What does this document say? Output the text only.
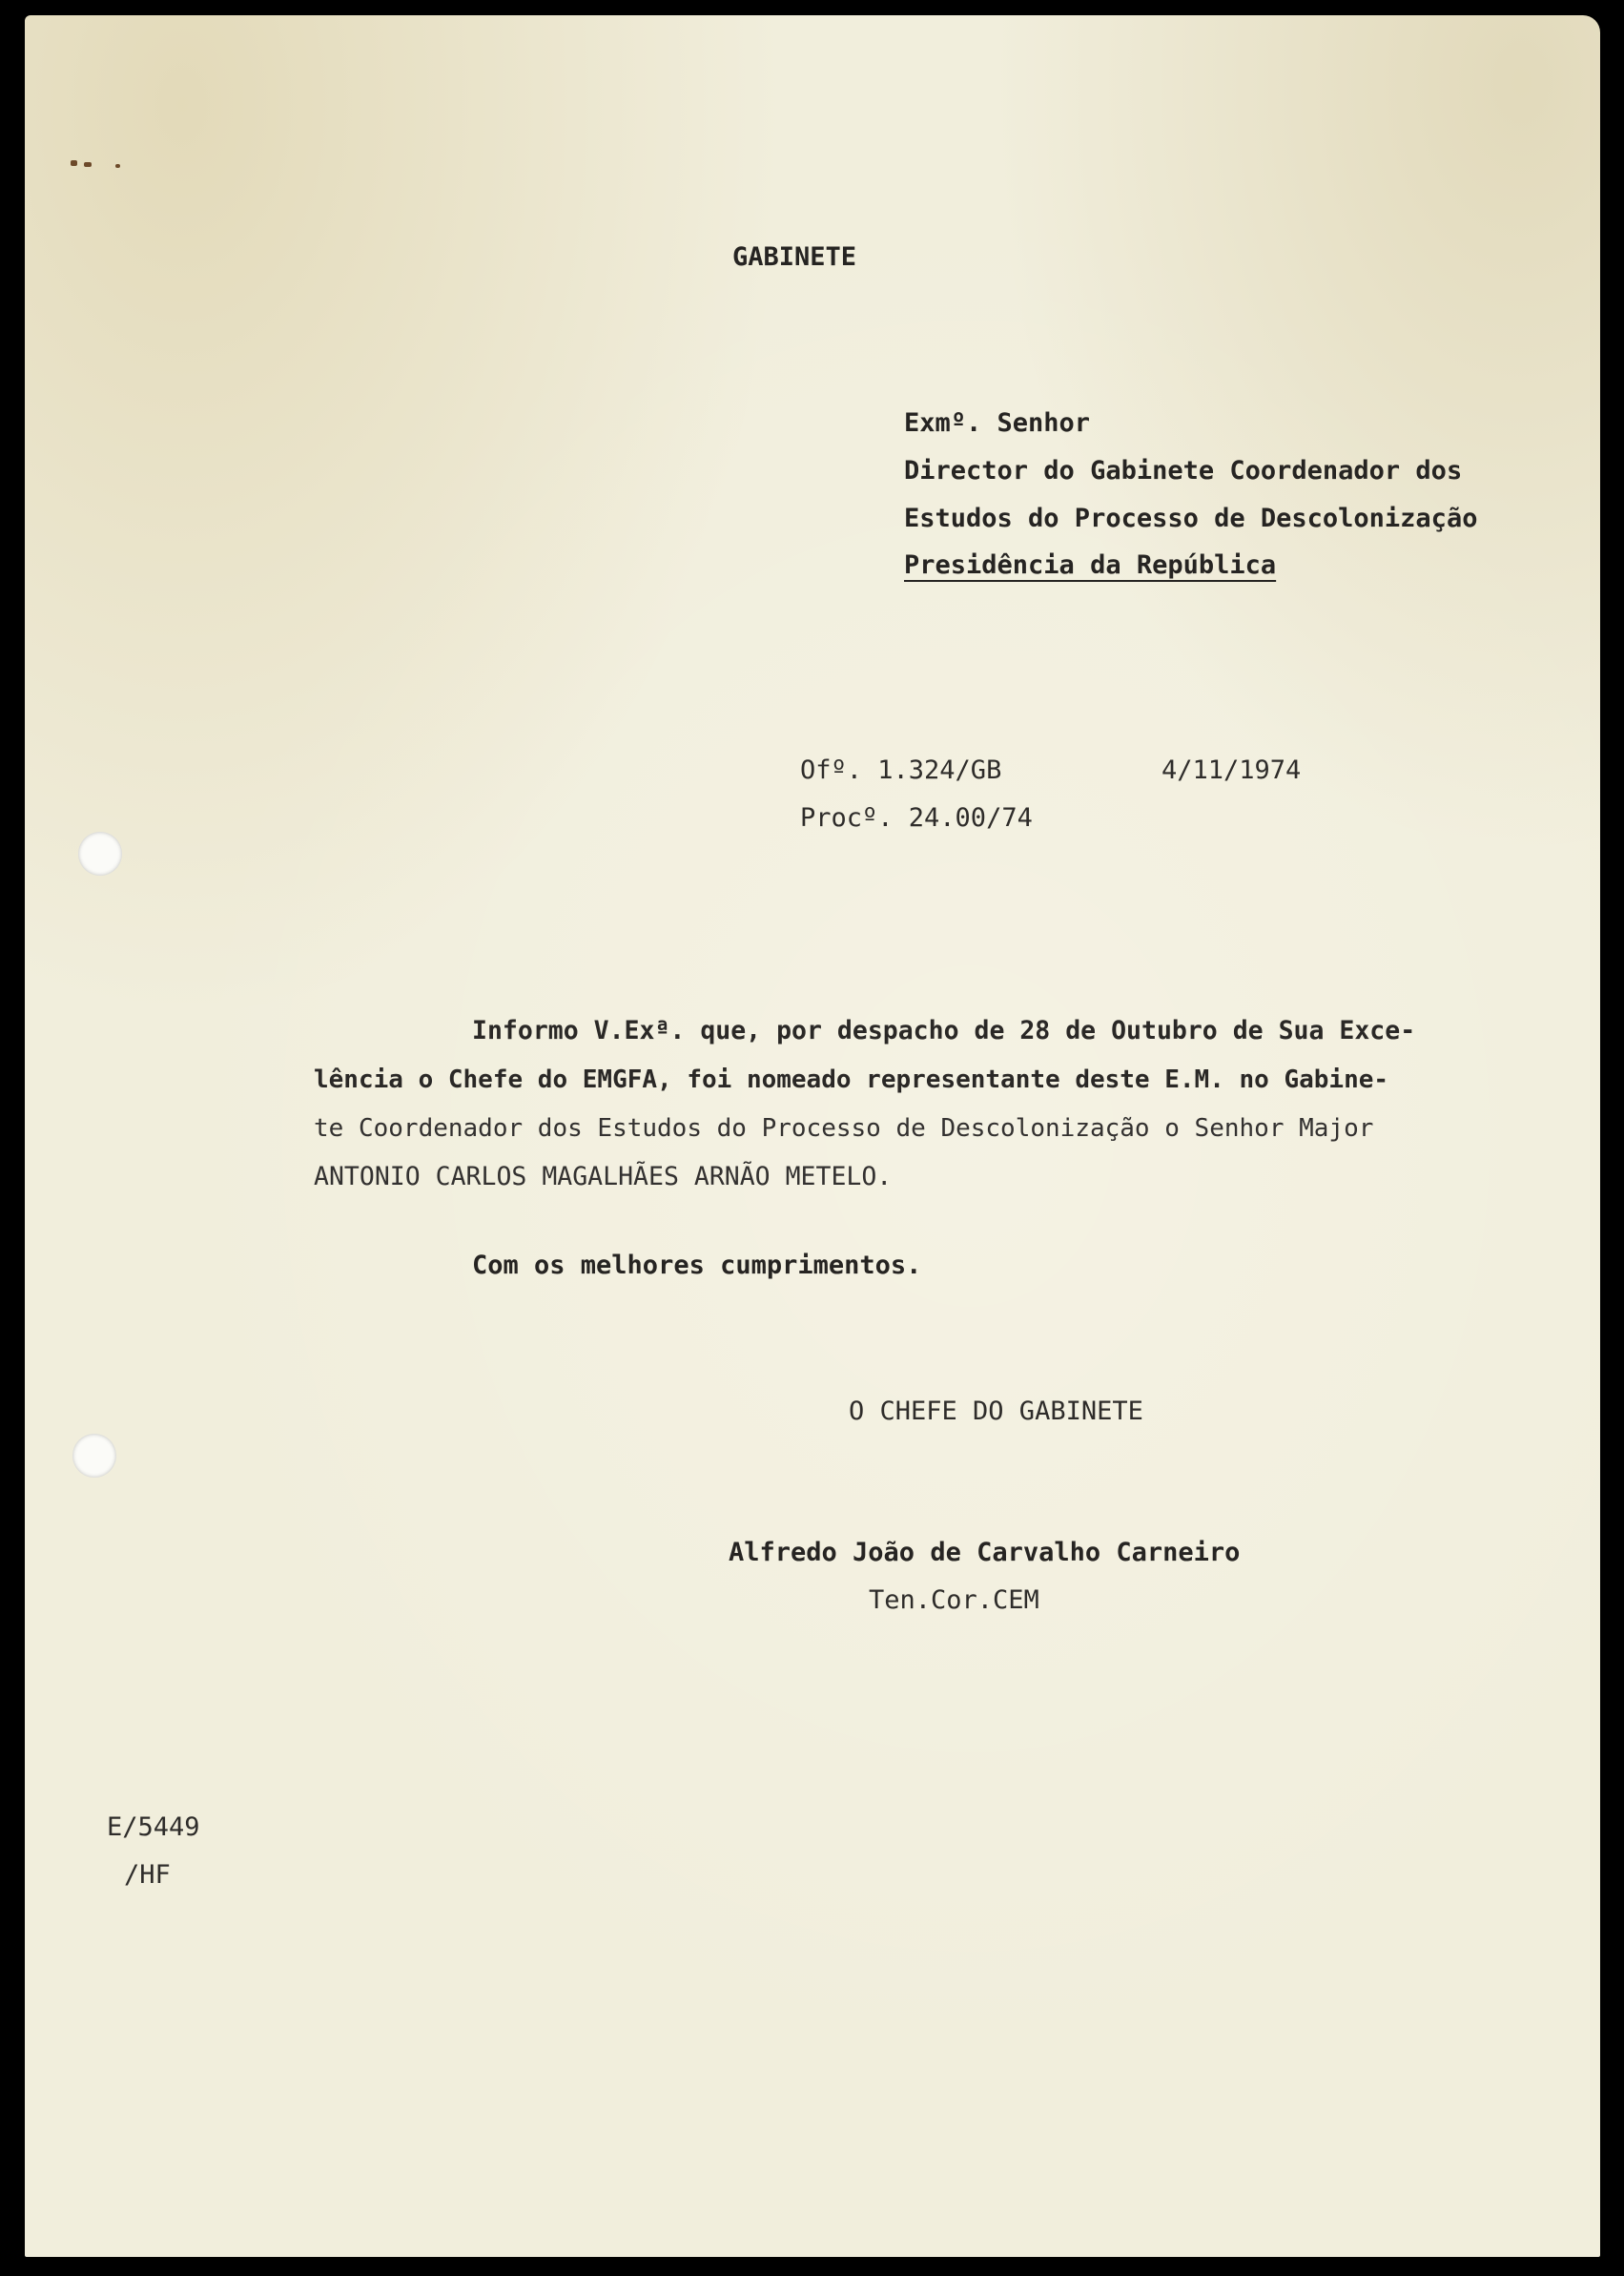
GABINETE
Exmº. Senhor
Director do Gabinete Coordenador dos
Estudos do Processo de Descolonização
Presidência da República
Ofº. 1.324/GB	4/11/1974
Procº. 24.00/74
Informo V.Exª. que, por despacho de 28 de Outubro de Sua Exce-
lência o Chefe do EMGFA, foi nomeado representante deste E.M. no Gabine-
te Coordenador dos Estudos do Processo de Descolonização o Senhor Major
ANTONIO CARLOS MAGALHÃES ARNÃO METELO.
Com os melhores cumprimentos.
O CHEFE DO GABINETE
Alfredo João de Carvalho Carneiro
Ten.Cor.CEM
E/5449
/HF
